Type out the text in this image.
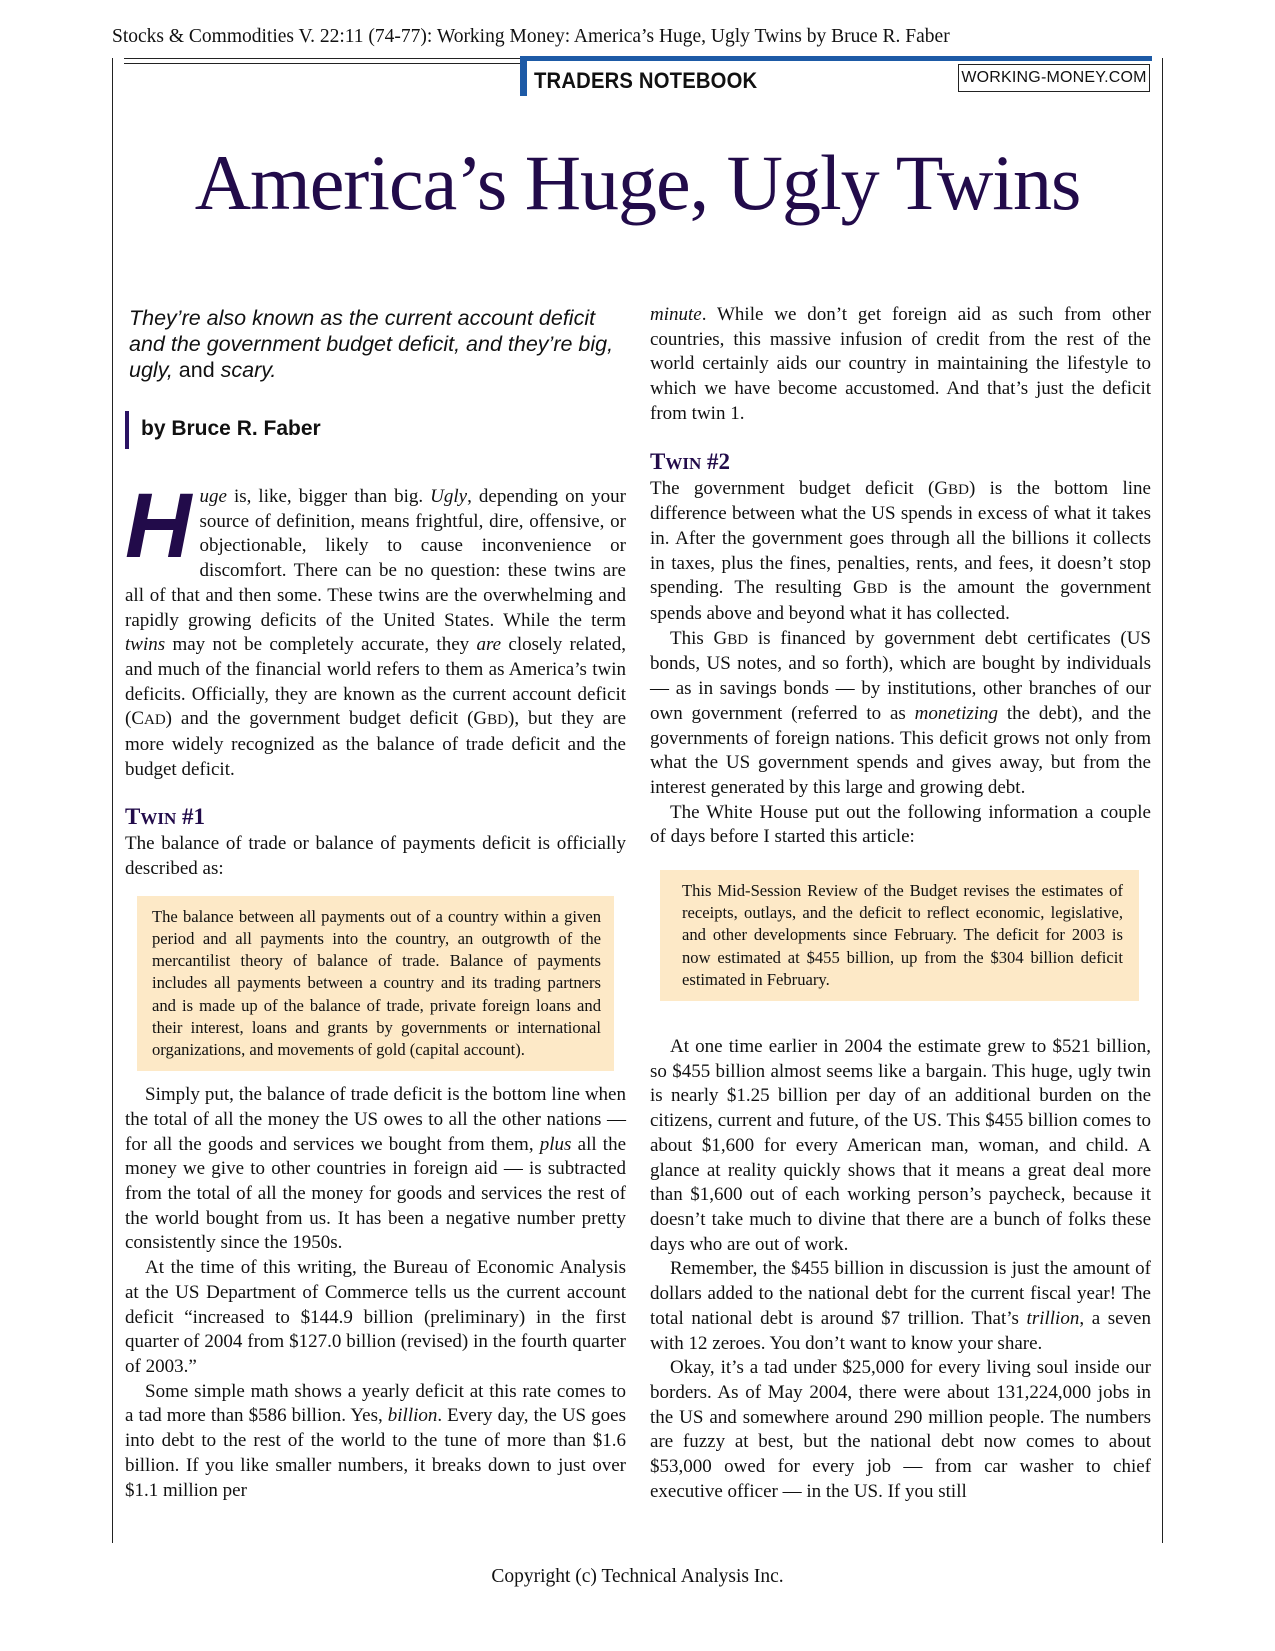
Stocks & Commodities V. 22:11 (74-77): Working Money: America’s Huge, Ugly Twins by Bruce R. Faber
TRADERS NOTEBOOK	WORKING-MONEY.COM
America’s Huge, Ugly Twins
They’re also known as the current account deficit and the government budget deficit, and they’re big, ugly, and scary.
by Bruce R. Faber

Huge is, like, bigger than big. Ugly, depending on your source of definition, means frightful, dire, offensive, or objectionable, likely to cause inconvenience or discomfort. There can be no question: these twins are all of that and then some. These twins are the overwhelming and rapidly growing deficits of the United States. While the term twins may not be completely accurate, they are closely related, and much of the financial world refers to them as America’s twin deficits. Officially, they are known as the current account deficit (CAD) and the government budget deficit (GBD), but they are more widely recognized as the balance of trade deficit and the budget deficit.

TWIN #1

The balance of trade or balance of payments deficit is officially described as:

The balance between all payments out of a country within a given period and all payments into the country, an outgrowth of the mercantilist theory of balance of trade. Balance of payments includes all payments between a country and its trading partners and is made up of the balance of trade, private foreign loans and their interest, loans and grants by governments or international organizations, and movements of gold (capital account).

Simply put, the balance of trade deficit is the bottom line when the total of all the money the US owes to all the other nations — for all the goods and services we bought from them, plus all the money we give to other countries in foreign aid — is subtracted from the total of all the money for goods and services the rest of the world bought from us. It has been a negative number pretty consistently since the 1950s.

At the time of this writing, the Bureau of Economic Analysis at the US Department of Commerce tells us the current account deficit “increased to $144.9 billion (preliminary) in the first quarter of 2004 from $127.0 billion (revised) in the fourth quarter of 2003.”

Some simple math shows a yearly deficit at this rate comes to a tad more than $586 billion. Yes, billion. Every day, the US goes into debt to the rest of the world to the tune of more than $1.6 billion. If you like smaller numbers, it breaks down to just over $1.1 million per

minute. While we don’t get foreign aid as such from other countries, this massive infusion of credit from the rest of the world certainly aids our country in maintaining the lifestyle to which we have become accustomed. And that’s just the deficit from twin 1.

TWIN #2

The government budget deficit (GBD) is the bottom line difference between what the US spends in excess of what it takes in. After the government goes through all the billions it collects in taxes, plus the fines, penalties, rents, and fees, it doesn’t stop spending. The resulting GBD is the amount the government spends above and beyond what it has collected.

This GBD is financed by government debt certificates (US bonds, US notes, and so forth), which are bought by individuals — as in savings bonds — by institutions, other branches of our own government (referred to as monetizing the debt), and the governments of foreign nations. This deficit grows not only from what the US government spends and gives away, but from the interest generated by this large and growing debt.

The White House put out the following information a couple of days before I started this article:

This Mid-Session Review of the Budget revises the estimates of receipts, outlays, and the deficit to reflect economic, legislative, and other developments since February. The deficit for 2003 is now estimated at $455 billion, up from the $304 billion deficit estimated in February.

At one time earlier in 2004 the estimate grew to $521 billion, so $455 billion almost seems like a bargain. This huge, ugly twin is nearly $1.25 billion per day of an additional burden on the citizens, current and future, of the US. This $455 billion comes to about $1,600 for every American man, woman, and child. A glance at reality quickly shows that it means a great deal more than $1,600 out of each working person’s paycheck, because it doesn’t take much to divine that there are a bunch of folks these days who are out of work.

Remember, the $455 billion in discussion is just the amount of dollars added to the national debt for the current fiscal year! The total national debt is around $7 trillion. That’s trillion, a seven with 12 zeroes. You don’t want to know your share.

Okay, it’s a tad under $25,000 for every living soul inside our borders. As of May 2004, there were about 131,224,000 jobs in the US and somewhere around 290 million people. The numbers are fuzzy at best, but the national debt now comes to about $53,000 owed for every job — from car washer to chief executive officer — in the US. If you still

Copyright (c) Technical Analysis Inc.
